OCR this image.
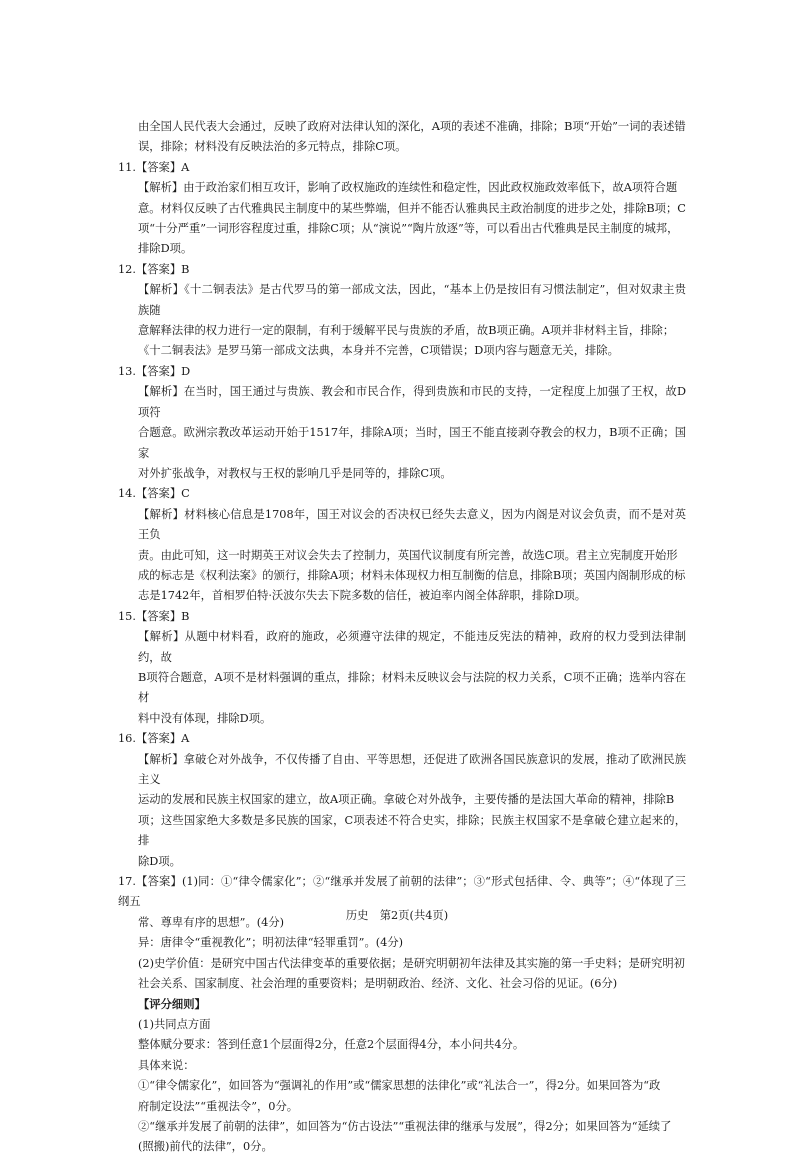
由全国人民代表大会通过，反映了政府对法律认知的深化，A项的表述不准确，排除；B项“开始”一词的表述错
误，排除；材料没有反映法治的多元特点，排除C项。
11.【答案】A
【解析】由于政治家们相互攻讦，影响了政权施政的连续性和稳定性，因此政权施政效率低下，故A项符合题
意。材料仅反映了古代雅典民主制度中的某些弊端，但并不能否认雅典民主政治制度的进步之处，排除B项；C
项“十分严重”一词形容程度过重，排除C项；从“演说”“陶片放逐”等，可以看出古代雅典是民主制度的城邦，
排除D项。
12.【答案】B
【解析】《十二铜表法》是古代罗马的第一部成文法，因此，“基本上仍是按旧有习惯法制定”，但对奴隶主贵族随
意解释法律的权力进行一定的限制，有利于缓解平民与贵族的矛盾，故B项正确。A项并非材料主旨，排除；
《十二铜表法》是罗马第一部成文法典，本身并不完善，C项错误；D项内容与题意无关，排除。
13.【答案】D
【解析】在当时，国王通过与贵族、教会和市民合作，得到贵族和市民的支持，一定程度上加强了王权，故D项符
合题意。欧洲宗教改革运动开始于1517年，排除A项；当时，国王不能直接剥夺教会的权力，B项不正确；国家
对外扩张战争，对教权与王权的影响几乎是同等的，排除C项。
14.【答案】C
【解析】材料核心信息是1708年，国王对议会的否决权已经失去意义，因为内阁是对议会负责，而不是对英王负
责。由此可知，这一时期英王对议会失去了控制力，英国代议制度有所完善，故选C项。君主立宪制度开始形
成的标志是《权利法案》的颁行，排除A项；材料未体现权力相互制衡的信息，排除B项；英国内阁制形成的标
志是1742年，首相罗伯特·沃波尔失去下院多数的信任，被迫率内阁全体辞职，排除D项。
15.【答案】B
【解析】从题中材料看，政府的施政，必须遵守法律的规定，不能违反宪法的精神，政府的权力受到法律制约，故
B项符合题意，A项不是材料强调的重点，排除；材料未反映议会与法院的权力关系，C项不正确；选举内容在材
料中没有体现，排除D项。
16.【答案】A
【解析】拿破仑对外战争，不仅传播了自由、平等思想，还促进了欧洲各国民族意识的发展，推动了欧洲民族主义
运动的发展和民族主权国家的建立，故A项正确。拿破仑对外战争，主要传播的是法国大革命的精神，排除B
项；这些国家绝大多数是多民族的国家，C项表述不符合史实，排除；民族主权国家不是拿破仑建立起来的，排
除D项。
17.【答案】(1)同：①“律令儒家化”；②“继承并发展了前朝的法律”；③“形式包括律、令、典等”；④“体现了三纲五
常、尊卑有序的思想”。(4分)
异：唐律令“重视教化”；明初法律“轻罪重罚”。(4分)
(2)史学价值：是研究中国古代法律变革的重要依据；是研究明朝初年法律及其实施的第一手史料；是研究明初
社会关系、国家制度、社会治理的重要资料；是明朝政治、经济、文化、社会习俗的见证。(6分)
【评分细则】
(1)共同点方面
整体赋分要求：答到任意1个层面得2分，任意2个层面得4分，本小问共4分。
具体来说：
①“律令儒家化”，如回答为“强调礼的作用”或“儒家思想的法律化”或“礼法合一”，得2分。如果回答为“政
府制定设法”“重视法令”，0分。
②“继承并发展了前朝的法律”，如回答为“仿古设法”“重视法律的继承与发展”，得2分；如果回答为“延续了
(照搬)前代的法律”，0分。
历史　第2页(共4页)
